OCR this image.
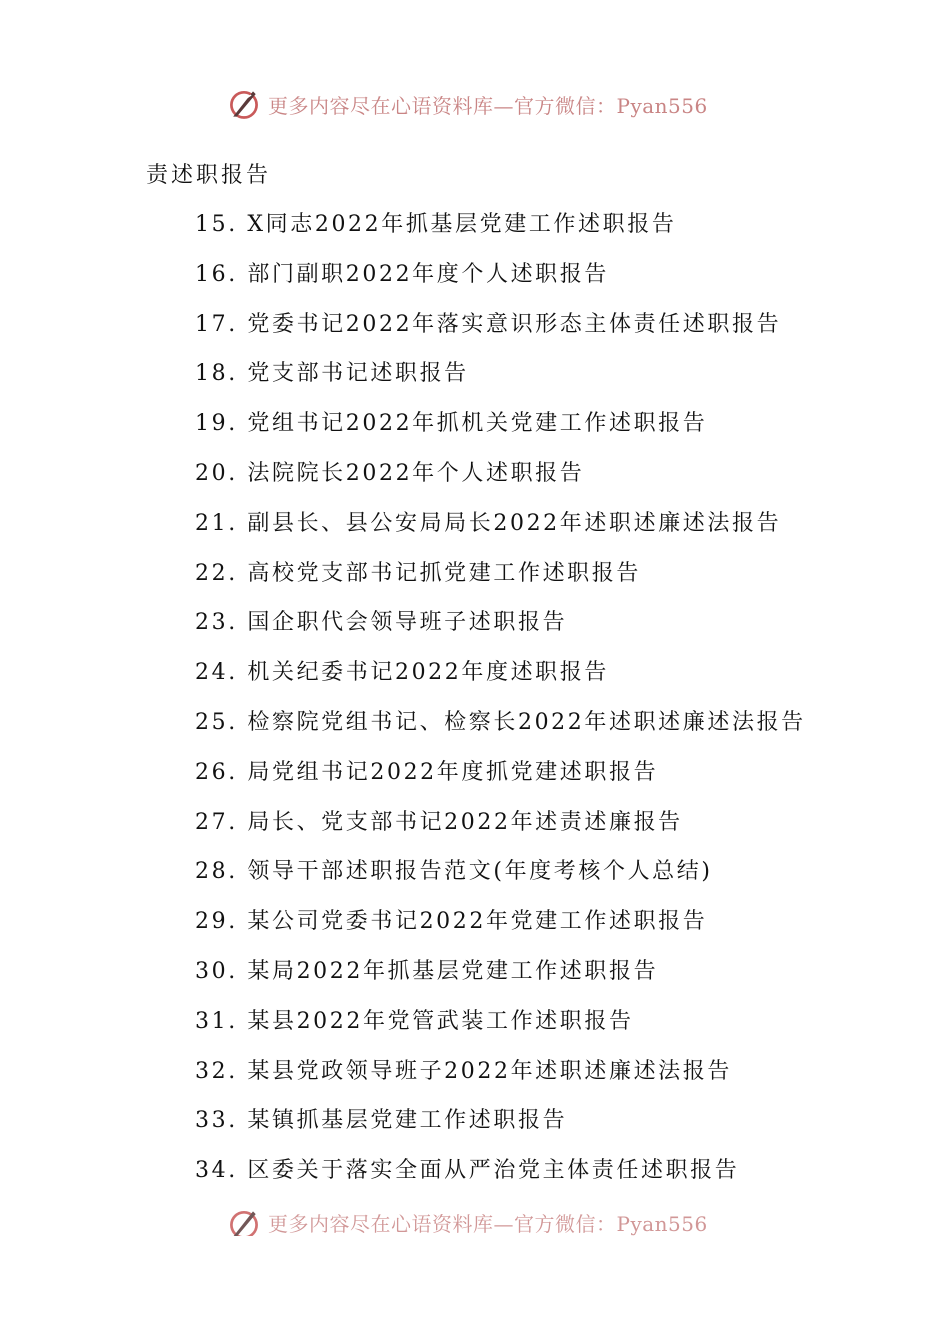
更多内容尽在心语资料库—官方微信：Pyan556
责述职报告
15. X同志2022年抓基层党建工作述职报告
16. 部门副职2022年度个人述职报告
17. 党委书记2022年落实意识形态主体责任述职报告
18. 党支部书记述职报告
19. 党组书记2022年抓机关党建工作述职报告
20. 法院院长2022年个人述职报告
21. 副县长、县公安局局长2022年述职述廉述法报告
22. 高校党支部书记抓党建工作述职报告
23. 国企职代会领导班子述职报告
24. 机关纪委书记2022年度述职报告
25. 检察院党组书记、检察长2022年述职述廉述法报告
26. 局党组书记2022年度抓党建述职报告
27. 局长、党支部书记2022年述责述廉报告
28. 领导干部述职报告范文(年度考核个人总结)
29. 某公司党委书记2022年党建工作述职报告
30. 某局2022年抓基层党建工作述职报告
31. 某县2022年党管武装工作述职报告
32. 某县党政领导班子2022年述职述廉述法报告
33. 某镇抓基层党建工作述职报告
34. 区委关于落实全面从严治党主体责任述职报告
更多内容尽在心语资料库—官方微信：Pyan556
